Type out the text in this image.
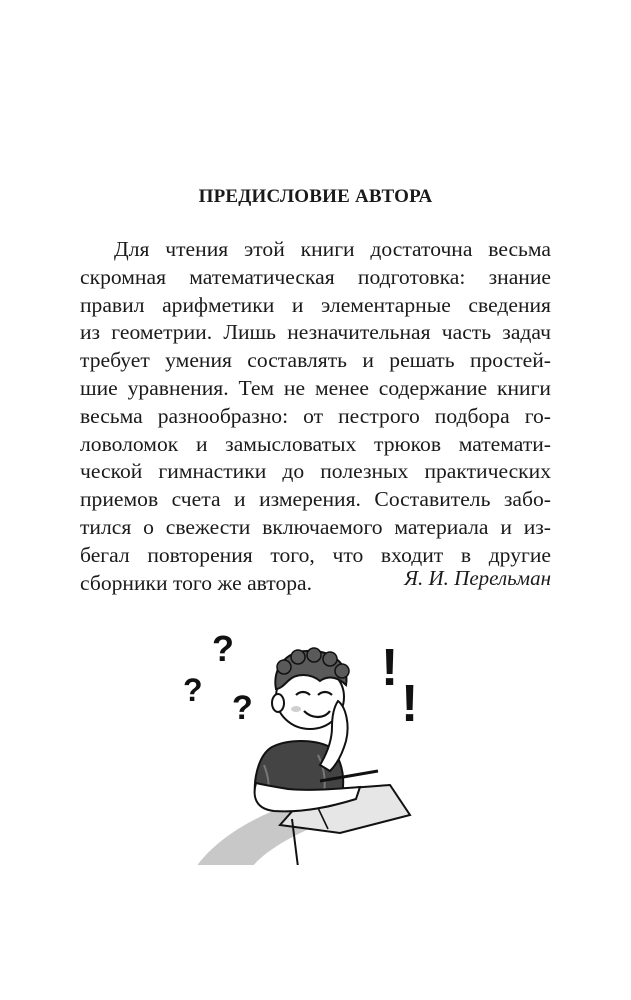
ПРЕДИСЛОВИЕ АВТОРА
Для чтения этой книги достаточна весьма
скромная математическая подготовка: знание
правил арифметики и элементарные сведения
из геометрии. Лишь незначительная часть задач
требует умения составлять и решать простей-
шие уравнения. Тем не менее содержание книги
весьма разнообразно: от пестрого подбора го-
ловоломок и замысловатых трюков математи-
ческой гимнастики до полезных практических
приемов счета и измерения. Составитель забо-
тился о свежести включаемого материала и из-
бегал повторения того, что входит в другие
сборники того же автора.	Я. И. Перельман
?
? ?
!
!
